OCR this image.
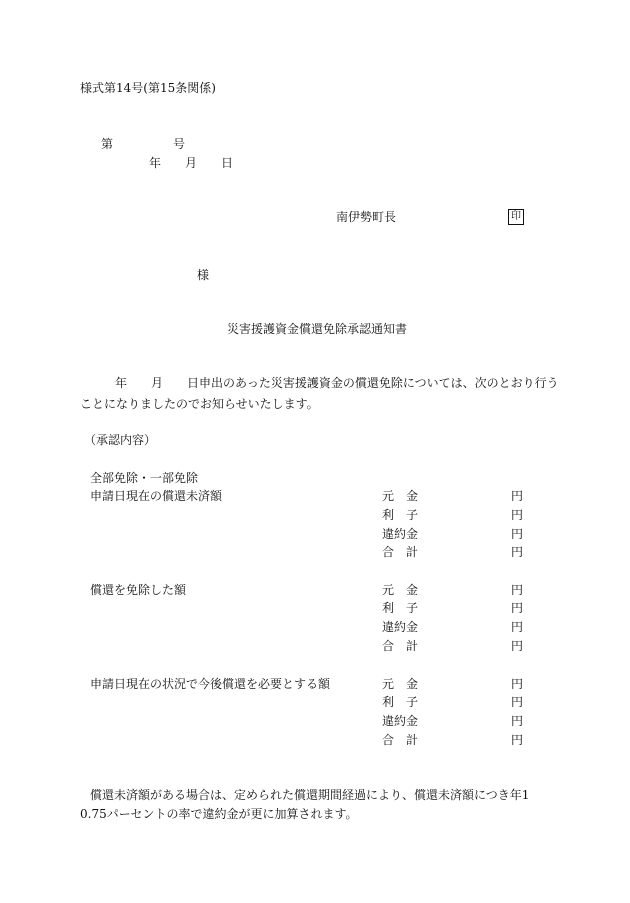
様式第14号(第15条関係)
第	号
年 月 日
南伊勢町長	印
様
災害援護資金償還免除承認通知書
年　　月　　日申出のあった災害援護資金の償還免除については、次のとおり行う
ことになりましたのでお知らせいたします。
（承認内容）
全部免除・一部免除
申請日現在の償還未済額	元　金	円
利　子	円
違約金	円
合　計	円
償還を免除した額	元　金	円
利　子	円
違約金	円
合　計	円
申請日現在の状況で今後償還を必要とする額	元　金	円
利　子	円
違約金	円
合　計	円
償還未済額がある場合は、定められた償還期間経過により、償還未済額につき年1
0.75パーセントの率で違約金が更に加算されます。
